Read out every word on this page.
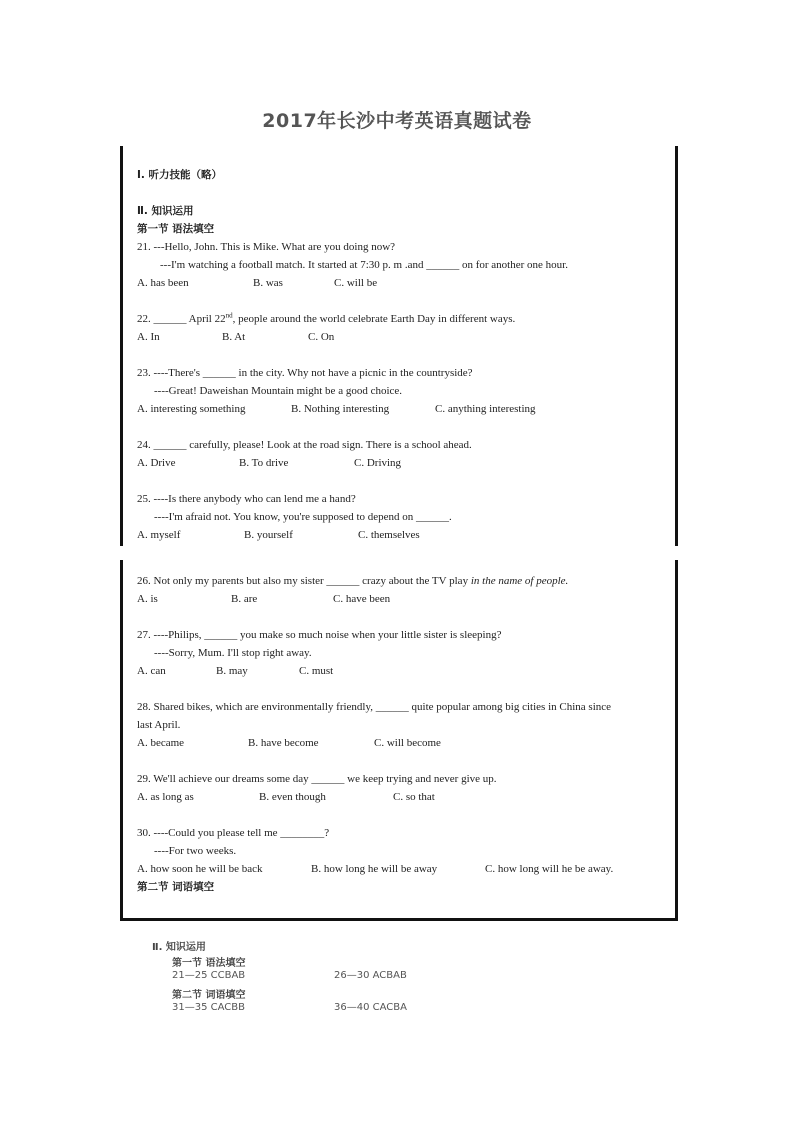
2017年长沙中考英语真题试卷
Ⅰ. 听力技能（略）
Ⅱ. 知识运用
第一节 语法填空
21. ---Hello, John. This is Mike. What are you doing now?
---I'm watching a football match. It started at 7:30 p. m .and ______ on for another one hour.
A. has been	B. was	C. will be
22. ______ April 22nd, people around the world celebrate Earth Day in different ways.
A. In	B. At	C. On
23. ----There's ______ in the city. Why not have a picnic in the countryside?
----Great! Daweishan Mountain might be a good choice.
A. interesting something	B. Nothing interesting	C. anything interesting
24. ______ carefully, please! Look at the road sign. There is a school ahead.
A. Drive	B. To drive	C. Driving
25. ----Is there anybody who can lend me a hand?
----I'm afraid not. You know, you're supposed to depend on ______.
A. myself	B. yourself	C. themselves
26. Not only my parents but also my sister ______ crazy about the TV play in the name of people.
A. is	B. are	C. have been
27. ----Philips, ______ you make so much noise when your little sister is sleeping?
----Sorry, Mum. I'll stop right away.
A. can	B. may	C. must
28. Shared bikes, which are environmentally friendly, ______ quite popular among big cities in China since
last April.
A. became	B. have become	C. will become
29. We'll achieve our dreams some day ______ we keep trying and never give up.
A. as long as	B. even though	C. so that
30. ----Could you please tell me ________?
----For two weeks.
A. how soon he will be back	B. how long he will be away	C. how long will he be away.
第二节 词语填空
Ⅱ. 知识运用
第一节 语法填空
21—25 CCBAB	26—30 ACBAB
第二节 词语填空
31—35 CACBB	36—40 CACBA
